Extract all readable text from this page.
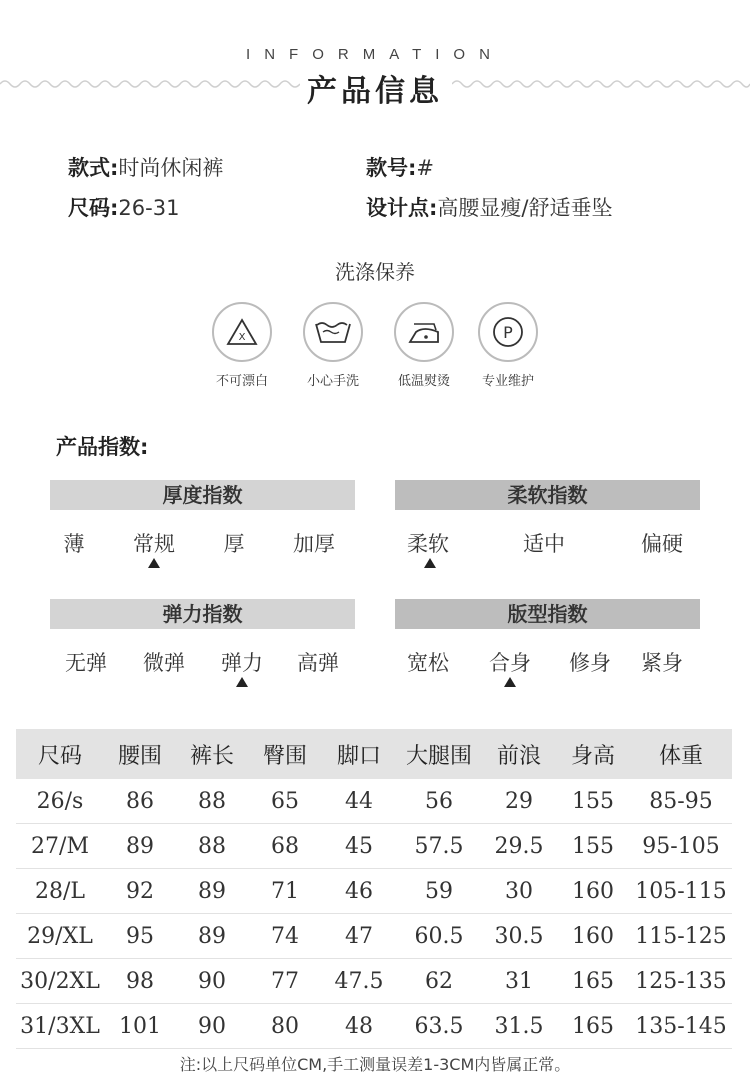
INFORMATION
产品信息
款式:时尚休闲裤	款号:#
尺码:26-31	设计点:高腰显瘦/舒适垂坠
洗涤保养
X
不可漂白	小心手洗	低温熨烫
P
专业维护
产品指数:
厚度指数
薄	常规	厚	加厚
柔软指数
柔软	适中	偏硬
弹力指数
无弹	微弹	弹力	高弹
版型指数
宽松	合身	修身	紧身
尺码	腰围	裤长	臀围	脚口	大腿围	前浪	身高	体重
26/s	86	88	65	44	56	29	155	85-95
27/M	89	88	68	45	57.5	29.5	155	95-105
28/L	92	89	71	46	59	30	160	105-115
29/XL	95	89	74	47	60.5	30.5	160	115-125
30/2XL	98	90	77	47.5	62	31	165	125-135
31/3XL	101	90	80	48	63.5	31.5	165	135-145
注:以上尺码单位CM,手工测量误差1-3CM内皆属正常。
